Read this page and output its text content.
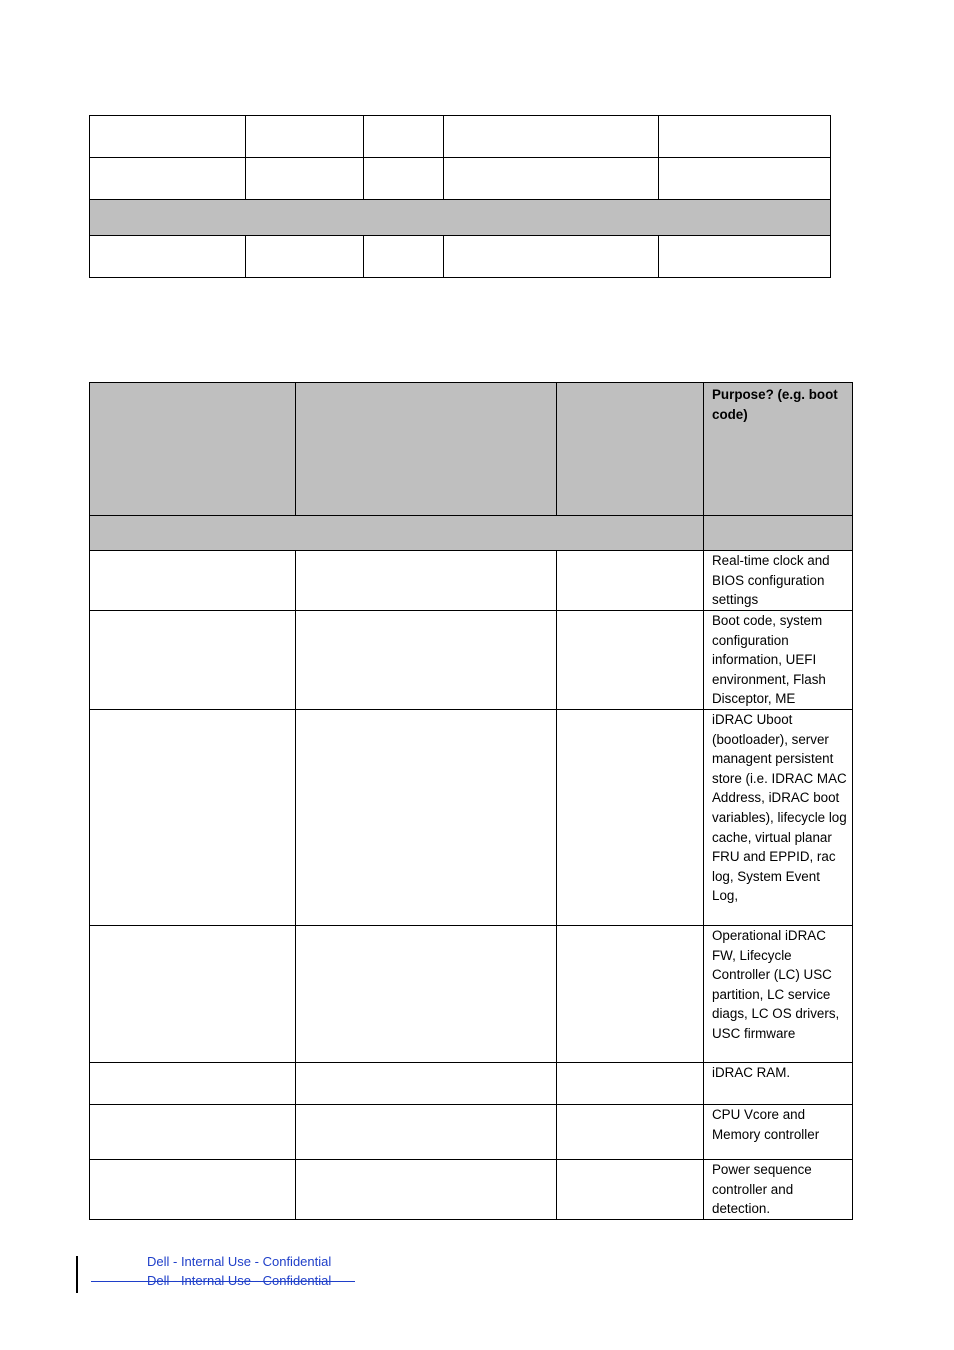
			Purpose? (e.g. boot code)

			Real-time clock and BIOS configuration settings
			Boot code, system configuration information, UEFI environment, Flash Disceptor, ME
			iDRAC Uboot (bootloader), server managent persistent store (i.e. IDRAC MAC Address, iDRAC boot variables), lifecycle log cache, virtual planar FRU and EPPID, rac log, System Event Log,
			Operational iDRAC FW, Lifecycle Controller (LC) USC partition, LC service diags, LC OS drivers, USC firmware
			iDRAC RAM.
			CPU Vcore and Memory controller
			Power sequence controller and detection.
Dell - Internal Use - Confidential
Dell - Internal Use - Confidential
